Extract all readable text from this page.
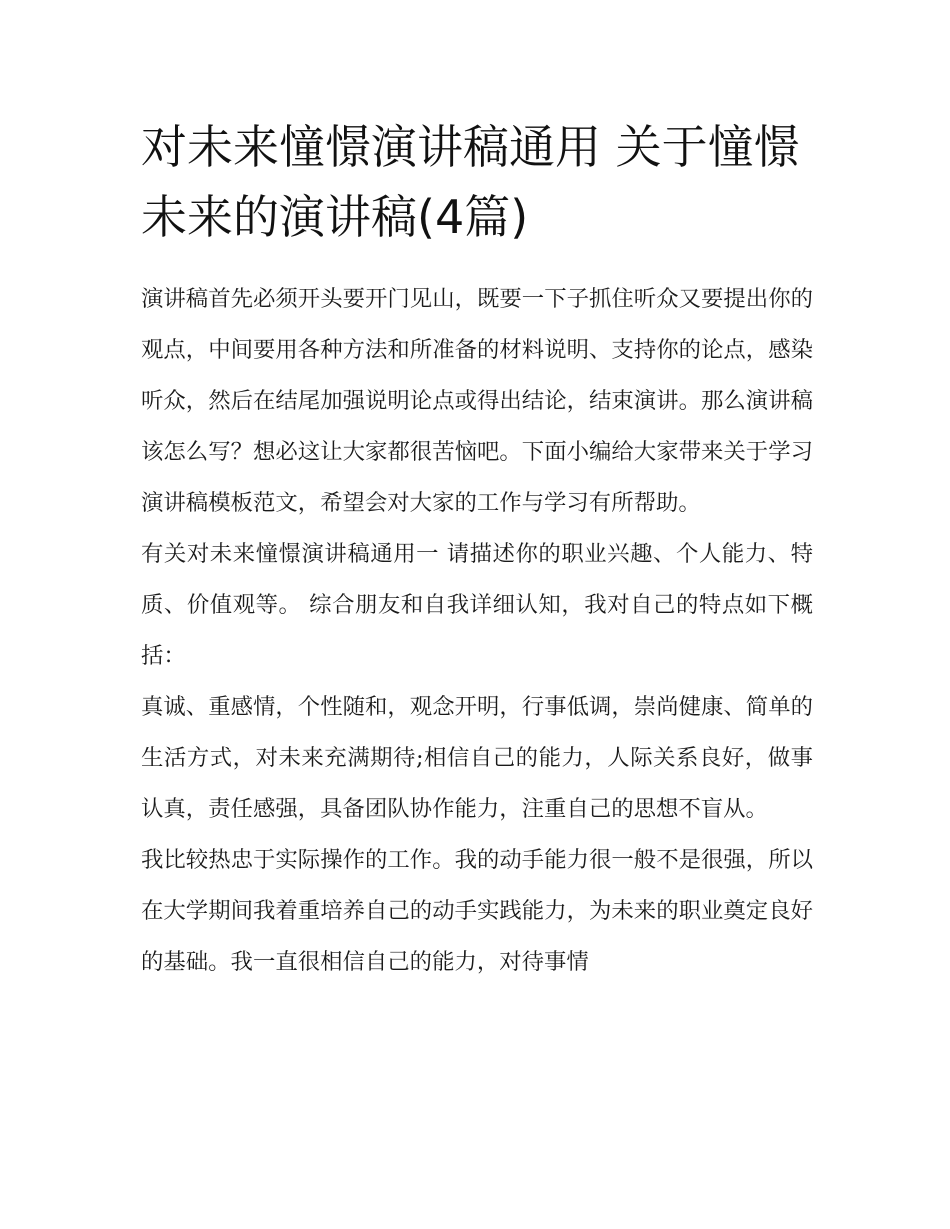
对未来憧憬演讲稿通用 关于憧憬未来的演讲稿(4篇)

演讲稿首先必须开头要开门见山，既要一下子抓住听众又要提出你的观点，中间要用各种方法和所准备的材料说明、支持你的论点，感染听众，然后在结尾加强说明论点或得出结论，结束演讲。那么演讲稿该怎么写？想必这让大家都很苦恼吧。下面小编给大家带来关于学习演讲稿模板范文，希望会对大家的工作与学习有所帮助。

有关对未来憧憬演讲稿通用一 请描述你的职业兴趣、个人能力、特质、价值观等。 综合朋友和自我详细认知，我对自己的特点如下概括：

真诚、重感情，个性随和，观念开明，行事低调，崇尚健康、简单的生活方式，对未来充满期待;相信自己的能力，人际关系良好，做事认真，责任感强，具备团队协作能力，注重自己的思想不盲从。

我比较热忠于实际操作的工作。我的动手能力很一般不是很强，所以在大学期间我着重培养自己的动手实践能力，为未来的职业奠定良好的基础。我一直很相信自己的能力，对待事情
